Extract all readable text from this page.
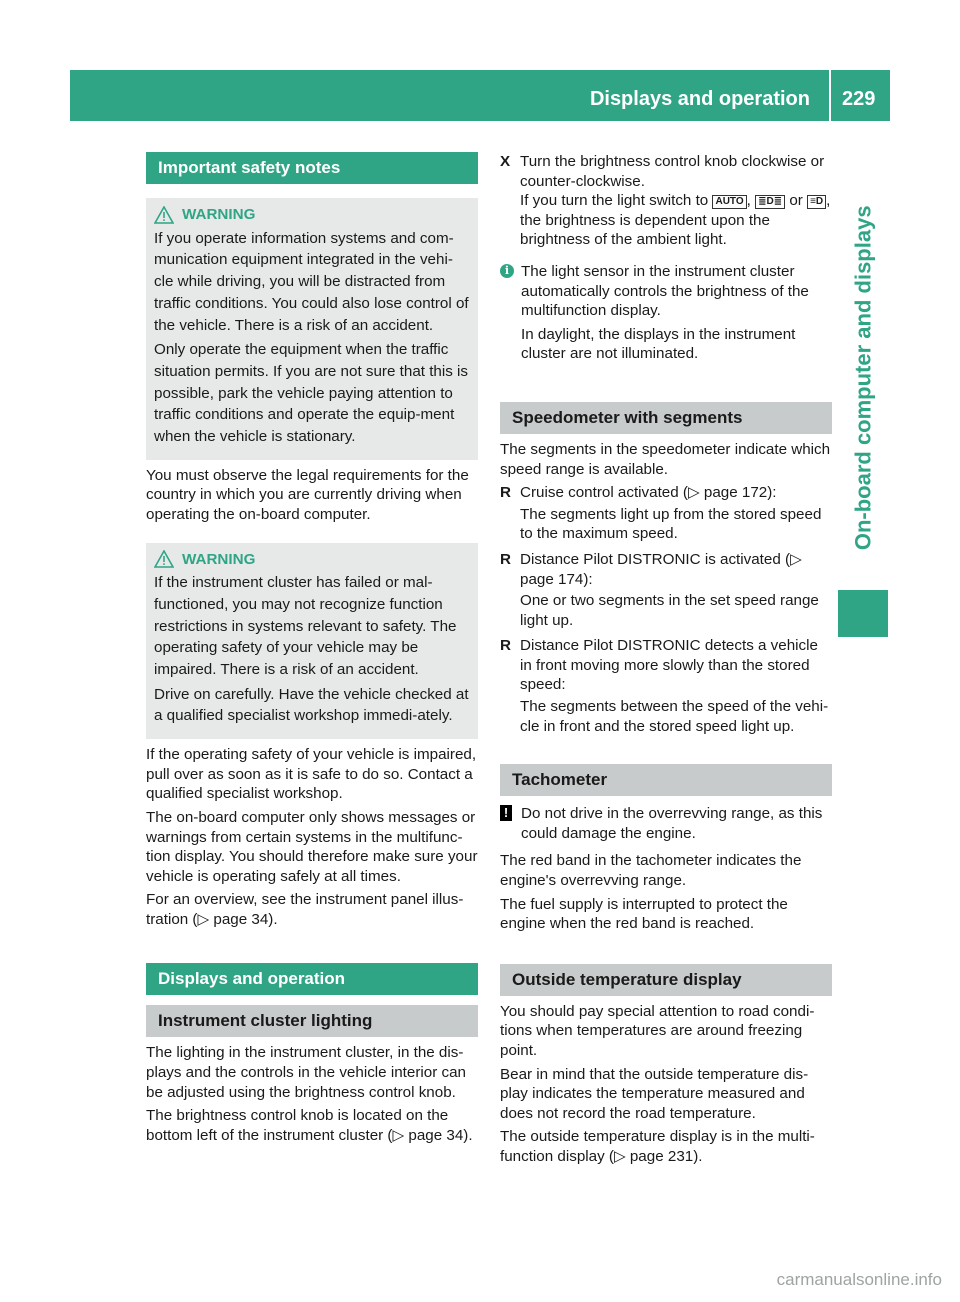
Displays and operation 229
On-board computer and displays
Important safety notes
WARNING

If you operate information systems and com-munication equipment integrated in the vehi-cle while driving, you will be distracted from traffic conditions. You could also lose control of the vehicle. There is a risk of an accident.

Only operate the equipment when the traffic situation permits. If you are not sure that this is possible, park the vehicle paying attention to traffic conditions and operate the equip-ment when the vehicle is stationary.

You must observe the legal requirements for the country in which you are currently driving when operating the on-board computer.

WARNING

If the instrument cluster has failed or mal-functioned, you may not recognize function restrictions in systems relevant to safety. The operating safety of your vehicle may be impaired. There is a risk of an accident.

Drive on carefully. Have the vehicle checked at a qualified specialist workshop immedi-ately.

If the operating safety of your vehicle is impaired, pull over as soon as it is safe to do so. Contact a qualified specialist workshop.

The on-board computer only shows messages or warnings from certain systems in the multifunc-tion display. You should therefore make sure your vehicle is operating safely at all times.

For an overview, see the instrument panel illus-tration (▷ page 34).

Displays and operation
Instrument cluster lighting

The lighting in the instrument cluster, in the dis-plays and the controls in the vehicle interior can be adjusted using the brightness control knob.

The brightness control knob is located on the bottom left of the instrument cluster (▷ page 34).

X Turn the brightness control knob clockwise or counter-clockwise.

If you turn the light switch to AUTO , ≣D≣ or ≡D , the brightness is dependent upon the brightness of the ambient light.

i The light sensor in the instrument cluster automatically controls the brightness of the multifunction display.

In daylight, the displays in the instrument cluster are not illuminated.

Speedometer with segments

The segments in the speedometer indicate which speed range is available.

R Cruise control activated (▷ page 172):

The segments light up from the stored speed to the maximum speed.

R Distance Pilot DISTRONIC is activated (▷ page 174):

One or two segments in the set speed range light up.

R Distance Pilot DISTRONIC detects a vehicle in front moving more slowly than the stored speed:

The segments between the speed of the vehi-cle in front and the stored speed light up.

Tachometer
! Do not drive in the overrevving range, as this could damage the engine.

The red band in the tachometer indicates the engine's overrevving range.

The fuel supply is interrupted to protect the engine when the red band is reached.

Outside temperature display

You should pay special attention to road condi-tions when temperatures are around freezing point.

Bear in mind that the outside temperature dis-play indicates the temperature measured and does not record the road temperature.

The outside temperature display is in the multi-function display (▷ page 231).

carmanualsonline.info
